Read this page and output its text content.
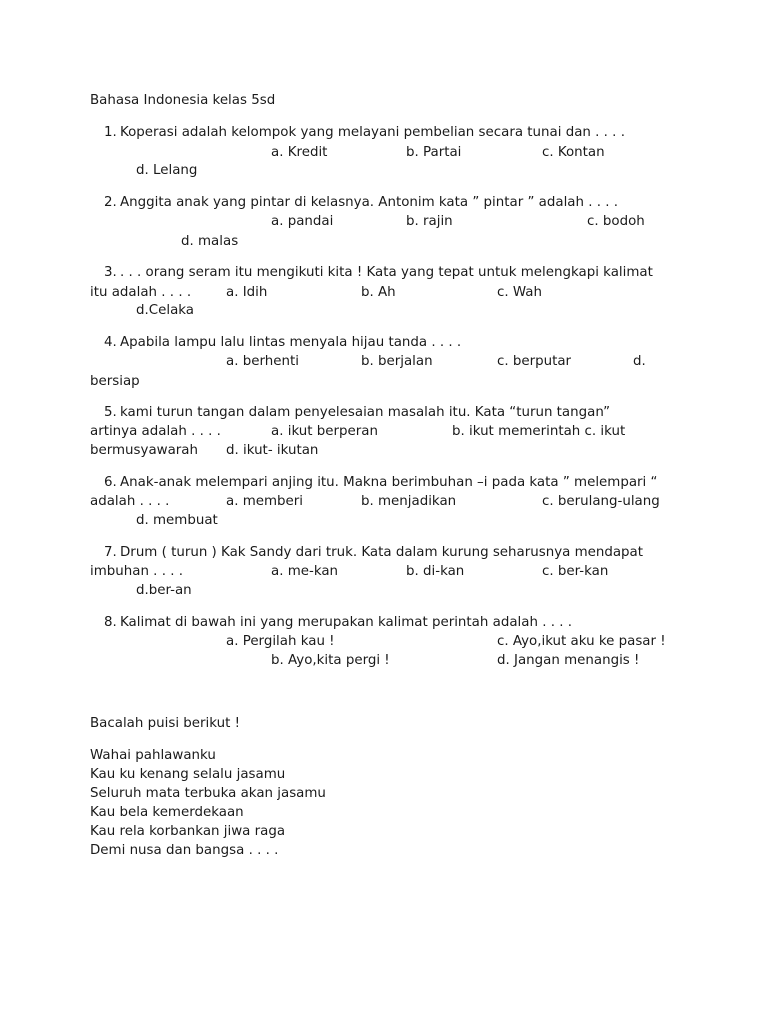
Bahasa Indonesia kelas 5sd
1. Koperasi adalah kelompok yang melayani pembelian secara tunai dan . . . .
a. Kredit	b. Partai	c. Kontan
d. Lelang
2. Anggita anak yang pintar di kelasnya. Antonim kata ” pintar ” adalah . . . .
a. pandai	b. rajin	c. bodoh
d. malas
3. . . . orang seram itu mengikuti kita ! Kata yang tepat untuk melengkapi kalimat
itu adalah . . . .	a. Idih	b. Ah	c. Wah
d.Celaka
4. Apabila lampu lalu lintas menyala hijau tanda . . . .
a. berhenti	b. berjalan	c. berputar	d.
bersiap
5. kami turun tangan dalam penyelesaian masalah itu. Kata “turun tangan”
artinya adalah . . . .	a. ikut berperan	b. ikut memerintah c. ikut
bermusyawarah d. ikut- ikutan
6. Anak-anak melempari anjing itu. Makna berimbuhan –i pada kata ” melempari “
adalah . . . .	a. memberi	b. menjadikan	c. berulang-ulang
d. membuat
7. Drum ( turun ) Kak Sandy dari truk. Kata dalam kurung seharusnya mendapat
imbuhan . . . .	a. me-kan	b. di-kan	c. ber-kan
d.ber-an
8. Kalimat di bawah ini yang merupakan kalimat perintah adalah . . . .
a. Pergilah kau !	c. Ayo,ikut aku ke pasar !
b. Ayo,kita pergi !	d. Jangan menangis !
Bacalah puisi berikut !
Wahai pahlawanku
Kau ku kenang selalu jasamu
Seluruh mata terbuka akan jasamu
Kau bela kemerdekaan
Kau rela korbankan jiwa raga
Demi nusa dan bangsa . . . .
